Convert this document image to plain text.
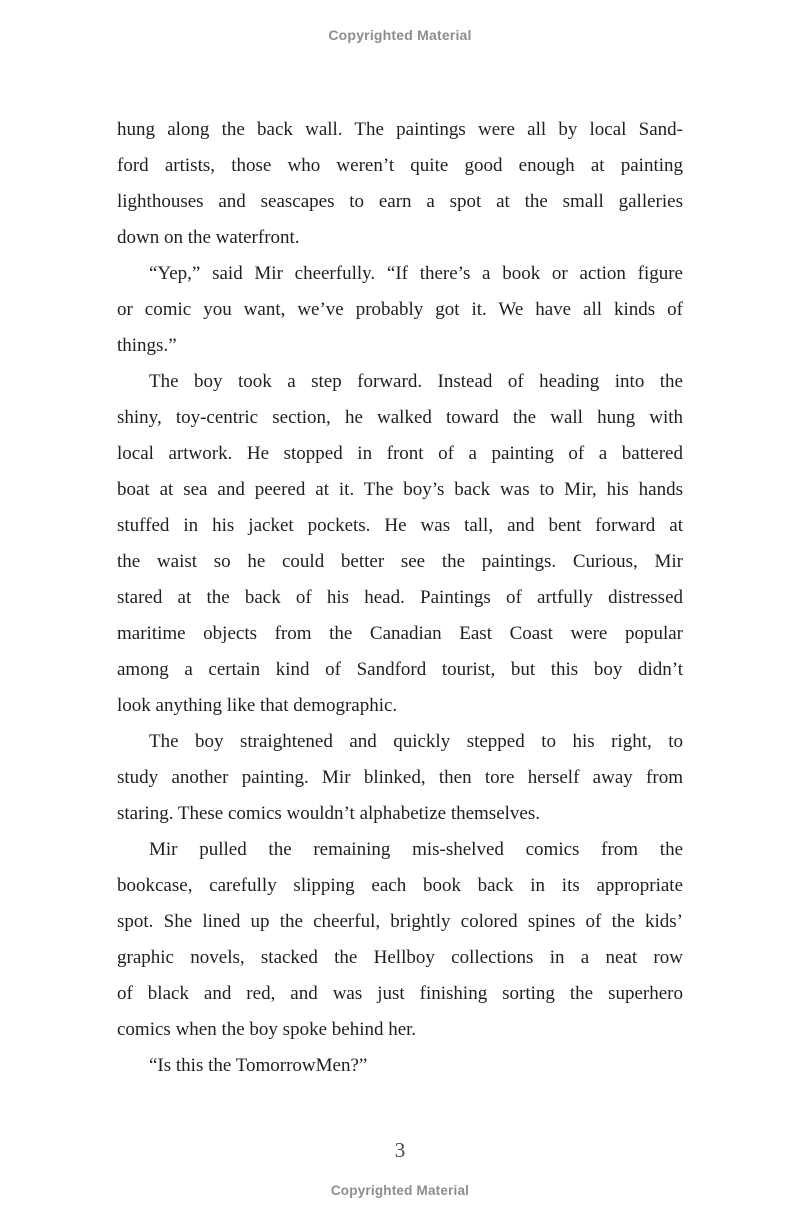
Copyrighted Material
hung along the back wall. The paintings were all by local Sand-
ford artists, those who weren’t quite good enough at painting
lighthouses and seascapes to earn a spot at the small galleries
down on the waterfront.
“Yep,” said Mir cheerfully. “If there’s a book or action figure
or comic you want, we’ve probably got it. We have all kinds of
things.”
The boy took a step forward. Instead of heading into the
shiny, toy-centric section, he walked toward the wall hung with
local artwork. He stopped in front of a painting of a battered
boat at sea and peered at it. The boy’s back was to Mir, his hands
stuffed in his jacket pockets. He was tall, and bent forward at
the waist so he could better see the paintings. Curious, Mir
stared at the back of his head. Paintings of artfully distressed
maritime objects from the Canadian East Coast were popular
among a certain kind of Sandford tourist, but this boy didn’t
look anything like that demographic.
The boy straightened and quickly stepped to his right, to
study another painting. Mir blinked, then tore herself away from
staring. These comics wouldn’t alphabetize themselves.
Mir pulled the remaining mis-shelved comics from the
bookcase, carefully slipping each book back in its appropriate
spot. She lined up the cheerful, brightly colored spines of the kids’
graphic novels, stacked the Hellboy collections in a neat row
of black and red, and was just finishing sorting the superhero
comics when the boy spoke behind her.
“Is this the TomorrowMen?”
3
Copyrighted Material
